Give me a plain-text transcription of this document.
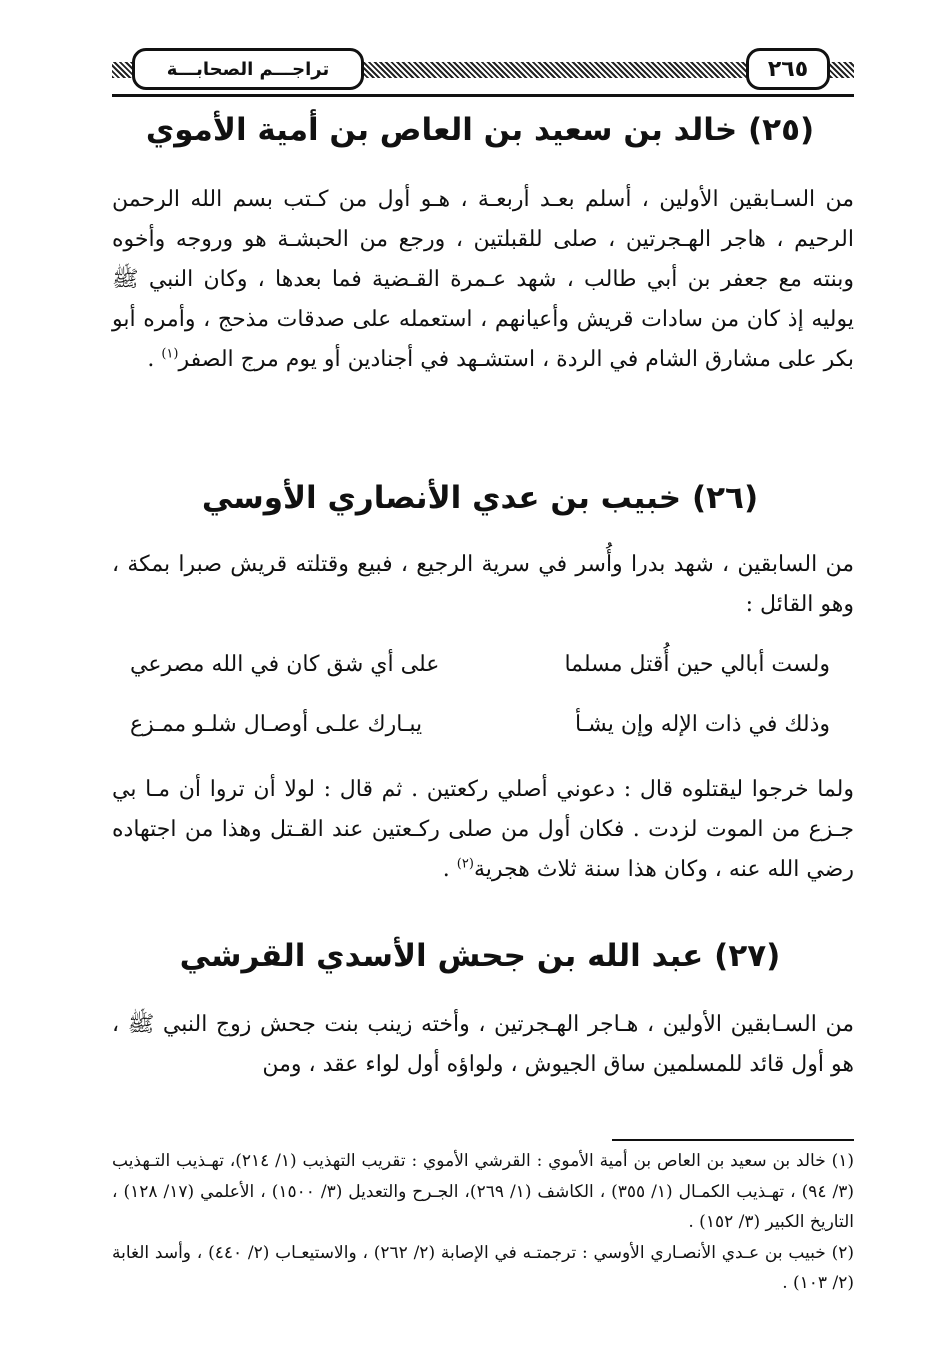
تراجـــم الصحابـــة	٢٦٥
(٢٥) خالد بن سعيد بن العاص بن أمية الأموي
من السـابقين الأولين ، أسلم بعـد أربعـة ، هـو أول من كـتب بسم الله الرحمن الرحيم ، هاجر الهـجرتين ، صلى للقبلتين ، ورجع من الحبشـة هو وروجه وأخوه وبنته مع جعفر بن أبي طالب ، شهد عـمرة القـضية فما بعدها ، وكان النبي ﷺ يوليه إذ كان من سادات قريش وأعيانهم ، استعمله على صدقات مذحج ، وأمره أبو بكر على مشارق الشام في الردة ، استشـهد في أجنادين أو يوم مرج الصفر$^{(١)}$ .
(٢٦) خبيب بن عدي الأنصاري الأوسي
من السابقين ، شهد بدرا وأُسر في سرية الرجيع ، فبيع وقتلته قريش صبرا بمكة ، وهو القائل :
ولست أبالي حين أُقتل مسلما
على أي شق كان في الله مصرعي
وذلك في ذات الإله وإن يشـأ
يبـارك علـى أوصـال شلـو ممـزع
ولما خرجوا ليقتلوه قال : دعوني أصلي ركعتين . ثم قال : لولا أن تروا أن مـا بي جـزع من الموت لزدت . فكان أول من صلى ركـعتين عند القـتل وهذا من اجتهاده رضي الله عنه ، وكان هذا سنة ثلاث هجرية$^{(٢)}$ .
(٢٧) عبد الله بن جحش الأسدي القرشي
من السـابقين الأولين ، هـاجر الهـجرتين ، وأخته زينب بنت جحش زوج النبي ﷺ ، هو أول قائد للمسلمين ساق الجيوش ، ولواؤه أول لواء عقد ، ومن

(١) خالد بن سعيد بن العاص بن أمية الأموي : القرشي الأموي : تقريب التهذيب (١/ ٢١٤)، تهـذيب التـهذيب (٣/ ٩٤) ، تهـذيب الكمـال (١/ ٣٥٥) ، الكاشف (١/ ٢٦٩)، الجـرح والتعديل (٣/ ١٥٠٠) ، الأعلمي (١٧/ ١٢٨) ، التاريخ الكبير (٣/ ١٥٢) .

(٢) خبيب بن عـدي الأنصـاري الأوسي : ترجمتـه في الإصابة (٢/ ٢٦٢) ، والاستيعـاب (٢/ ٤٤٠) ، وأسد الغابة (٢/ ١٠٣) .
